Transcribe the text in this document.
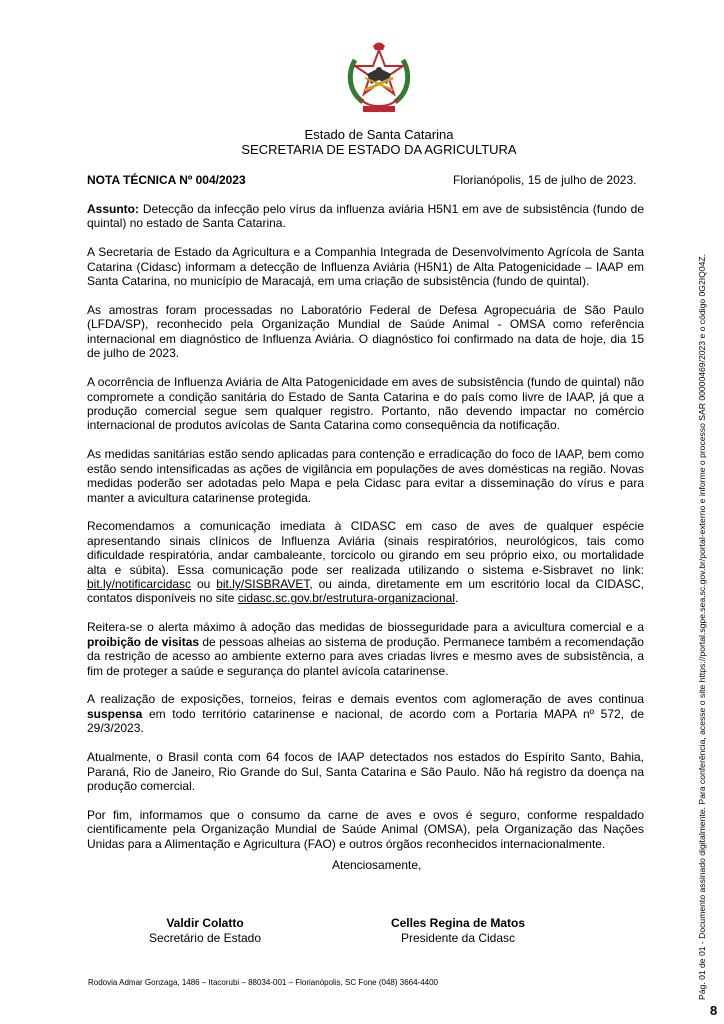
Estado de Santa Catarina
SECRETARIA DE ESTADO DA AGRICULTURA
NOTA TÉCNICA Nº 004/2023	Florianópolis, 15 de julho de 2023.

Assunto: Detecção da infecção pelo vírus da influenza aviária H5N1 em ave de subsistência (fundo de quintal) no estado de Santa Catarina.

A Secretaria de Estado da Agricultura e a Companhia Integrada de Desenvolvimento Agrícola de Santa Catarina (Cidasc) informam a detecção de Influenza Aviária (H5N1) de Alta Patogenicidade – IAAP em Santa Catarina, no município de Maracajá, em uma criação de subsistência (fundo de quintal).

As amostras foram processadas no Laboratório Federal de Defesa Agropecuária de São Paulo (LFDA/SP), reconhecido pela Organização Mundial de Saúde Animal - OMSA como referência internacional em diagnóstico de Influenza Aviária. O diagnóstico foi confirmado na data de hoje, dia 15 de julho de 2023.

A ocorrência de Influenza Aviária de Alta Patogenicidade em aves de subsistência (fundo de quintal) não compromete a condição sanitária do Estado de Santa Catarina e do país como livre de IAAP, já que a produção comercial segue sem qualquer registro. Portanto, não devendo impactar no comércio internacional de produtos avícolas de Santa Catarina como consequência da notificação.

As medidas sanitárias estão sendo aplicadas para contenção e erradicação do foco de IAAP, bem como estão sendo intensificadas as ações de vigilância em populações de aves domésticas na região. Novas medidas poderão ser adotadas pelo Mapa e pela Cidasc para evitar a disseminação do vírus e para manter a avicultura catarinense protegida.

Recomendamos a comunicação imediata à CIDASC em caso de aves de qualquer espécie apresentando sinais clínicos de Influenza Aviária (sinais respiratórios, neurológicos, tais como dificuldade respiratória, andar cambaleante, torcicolo ou girando em seu próprio eixo, ou mortalidade alta e súbita). Essa comunicação pode ser realizada utilizando o sistema e-Sisbravet no link: bit.ly/notificarcidasc ou bit.ly/SISBRAVET, ou ainda, diretamente em um escritório local da CIDASC, contatos disponíveis no site cidasc.sc.gov.br/estrutura-organizacional.

Reitera-se o alerta máximo à adoção das medidas de biosseguridade para a avicultura comercial e a proibição de visitas de pessoas alheias ao sistema de produção. Permanece também a recomendação da restrição de acesso ao ambiente externo para aves criadas livres e mesmo aves de subsistência, a fim de proteger a saúde e segurança do plantel avícola catarinense.

A realização de exposições, torneios, feiras e demais eventos com aglomeração de aves continua suspensa em todo território catarinense e nacional, de acordo com a Portaria MAPA nº 572, de 29/3/2023.

Atualmente, o Brasil conta com 64 focos de IAAP detectados nos estados do Espírito Santo, Bahia, Paraná, Rio de Janeiro, Rio Grande do Sul, Santa Catarina e São Paulo. Não há registro da doença na produção comercial.

Por fim, informamos que o consumo da carne de aves e ovos é seguro, conforme respaldado cientificamente pela Organização Mundial de Saúde Animal (OMSA), pela Organização das Nações Unidas para a Alimentação e Agricultura (FAO) e outros órgãos reconhecidos internacionalmente.

Atenciosamente,
Valdir Colatto
Secretário de Estado
Celles Regina de Matos
Presidente da Cidasc
Rodovia Admar Gonzaga, 1486 – Itacorubi – 88034-001 – Florianópolis, SC Fone (048) 3664-4400	Pág. 01 de 01 - Documento assinado digitalmente. Para conferência, acesse o site https://portal.sgpe.sea.sc.gov.br/portal-externo e informe o processo SAR 00000469/2023 e o código 0G2IQ04Z.
8
